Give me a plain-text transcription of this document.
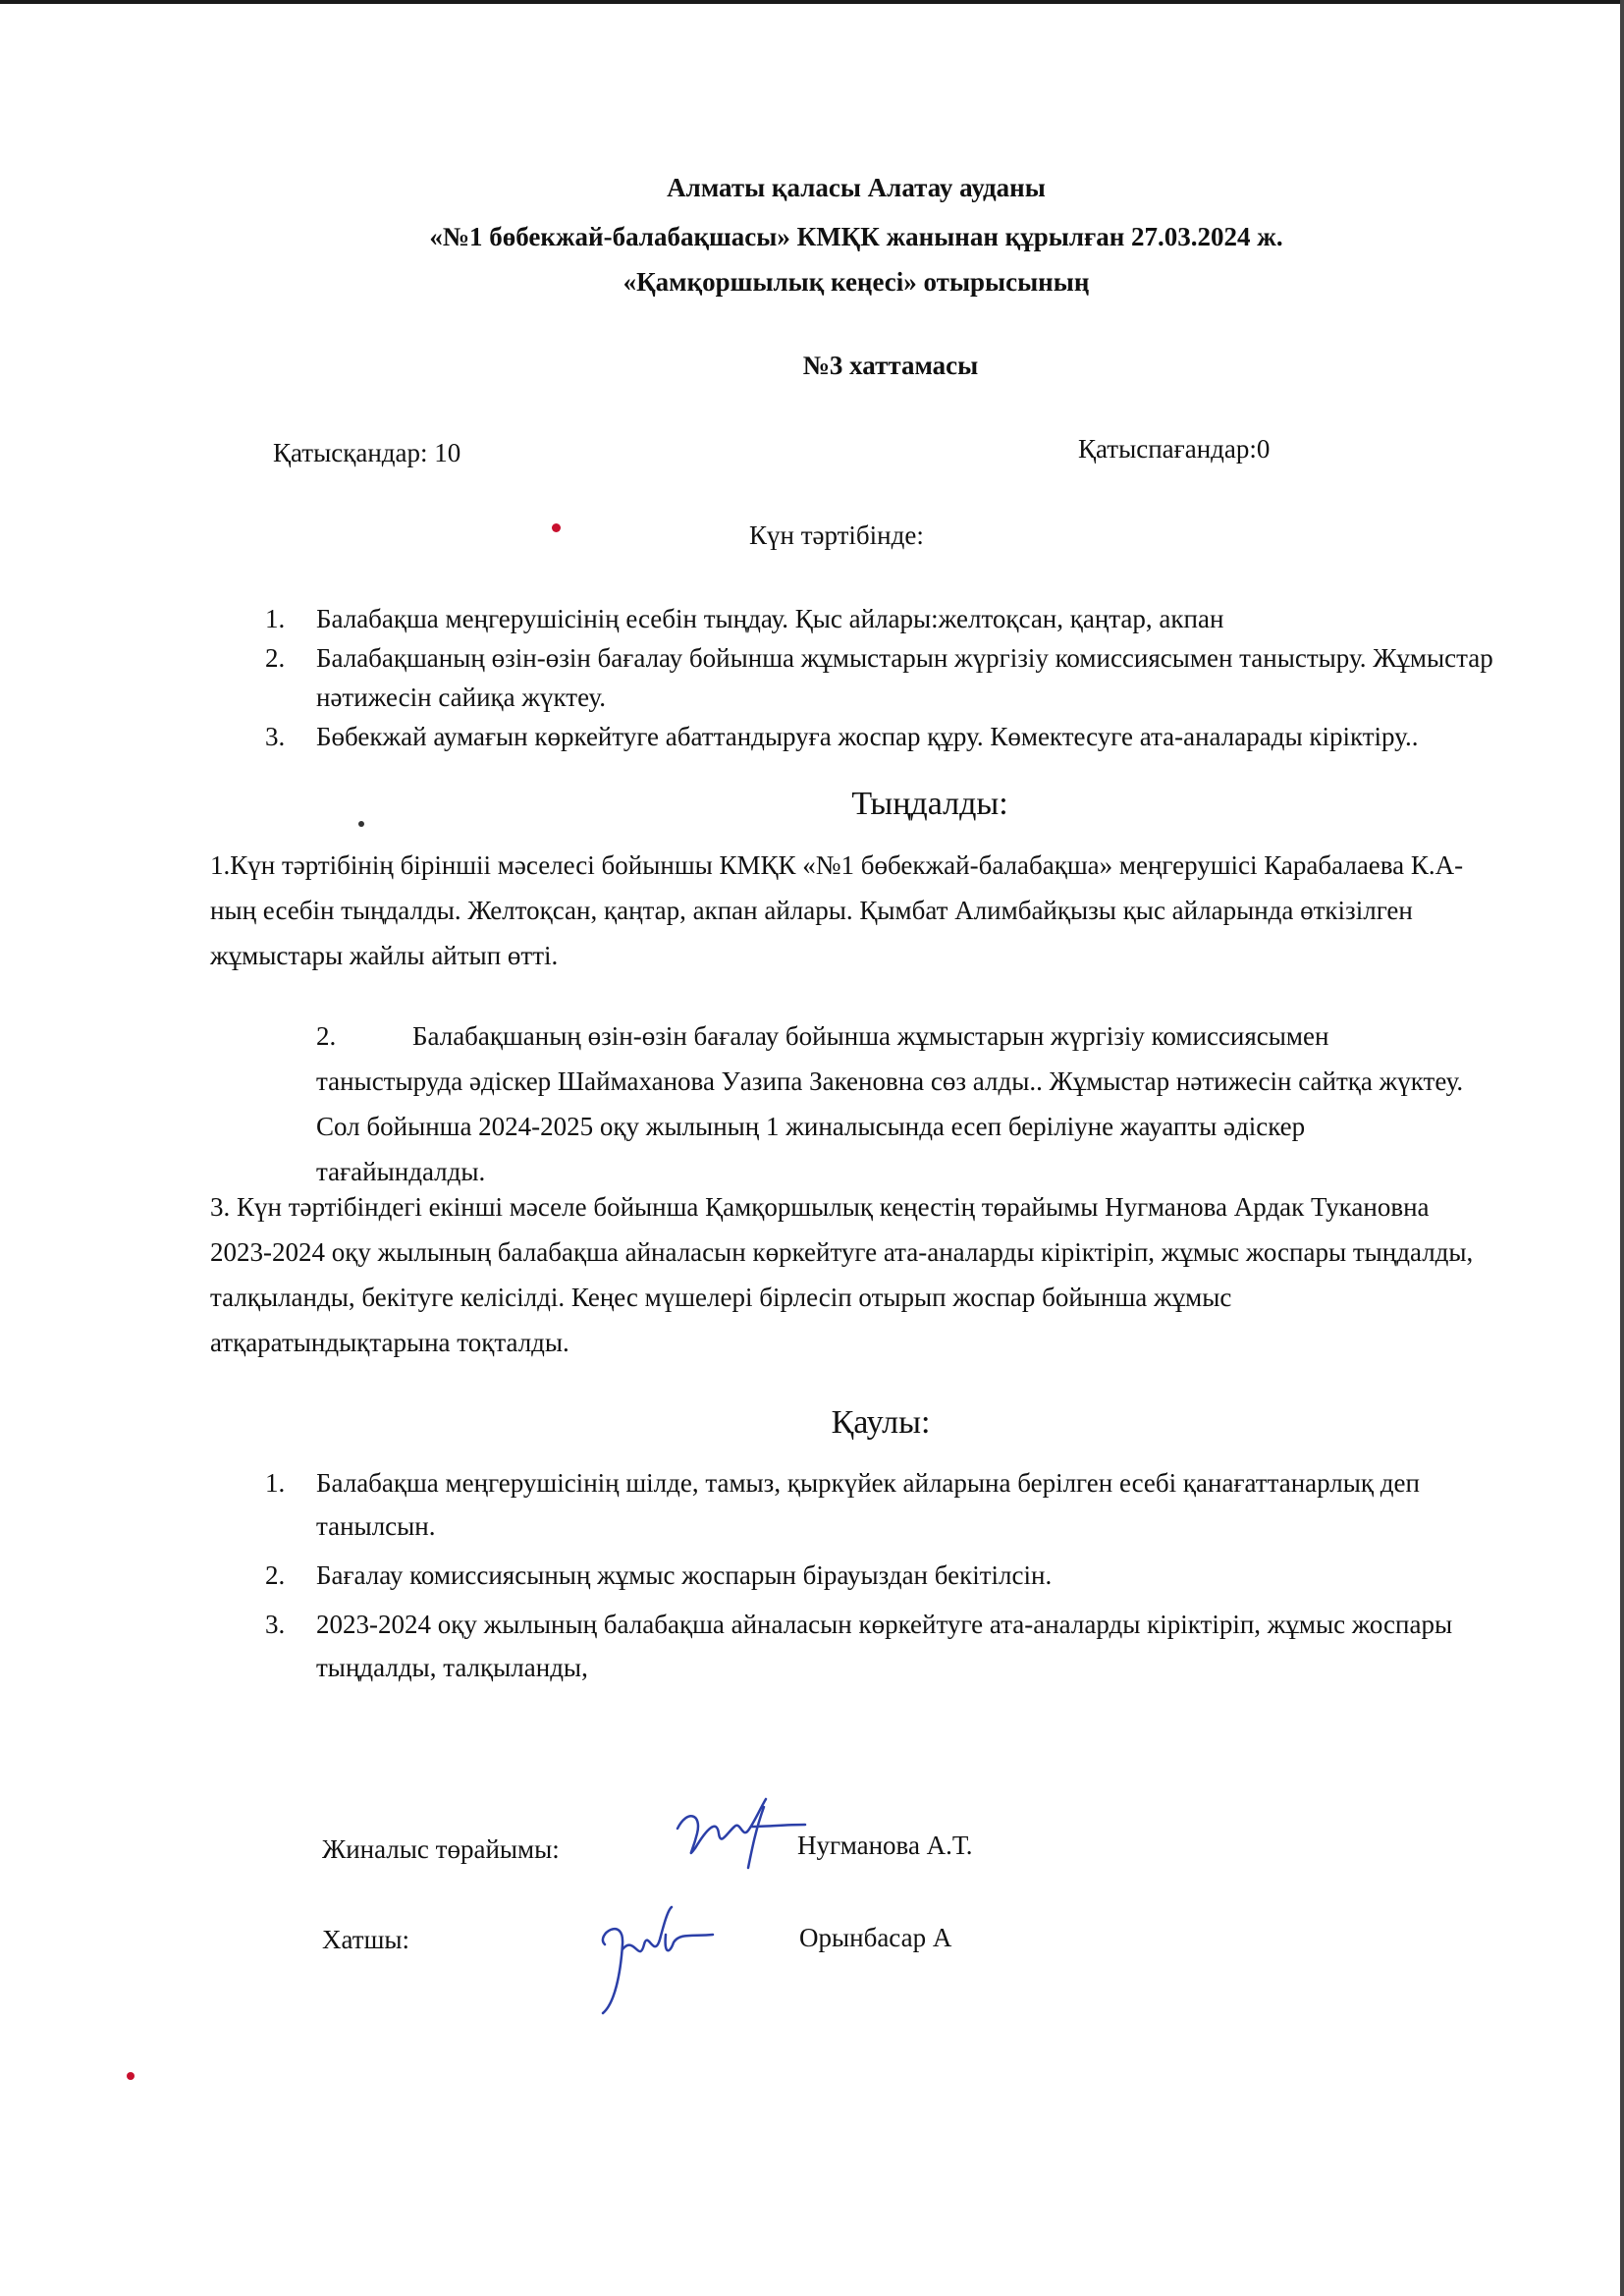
Алматы қаласы Алатау ауданы
«№1 бөбекжай-балабақшасы» КМҚК жанынан құрылған 27.03.2024 ж.
«Қамқоршылық кеңесі» отырысының
№3 хаттамасы
Қатысқандар: 10	Қатыспағандар:0
Күн тәртібінде:
1. Балабақша меңгерушісінің есебін тыңдау. Қыс айлары:желтоқсан, қаңтар, акпан
2. Балабақшаның өзін-өзін бағалау бойынша жұмыстарын жүргізіу комиссиясымен таныстыру. Жұмыстар нәтижесін сайиқа жүктеу.
3. Бөбекжай аумағын көркейтуге абаттандыруға жоспар құру. Көмектесуге ата-аналарады кіріктіру..
Тыңдалды:
1.Күн тәртібінің біріншіі мәселесі бойыншы КМҚК «№1 бөбекжай-балабақша» меңгерушісі Карабалаева К.А-ның есебін тыңдалды. Желтоқсан, қаңтар, акпан айлары. Қымбат Алимбайқызы қыс айларында өткізілген жұмыстары жайлы айтып өтті.
2.	Балабақшаның өзін-өзін бағалау бойынша жұмыстарын жүргізіу комиссиясымен таныстыруда әдіскер Шаймаханова Уазипа Закеновна сөз алды.. Жұмыстар нәтижесін сайтқа жүктеу. Сол бойынша 2024-2025 оқу жылының 1 жиналысында есеп беріліуне жауапты әдіскер тағайындалды.
3. Күн тәртібіндегі екінші мәселе бойынша Қамқоршылық кеңестің төрайымы Нугманова Ардак Тукановна 2023-2024 оқу жылының балабақша айналасын көркейтуге ата-аналарды кіріктіріп, жұмыс жоспары тыңдалды, талқыланды, бекітуге келісілді. Кеңес мүшелері бірлесіп отырып жоспар бойынша жұмыс атқаратындықтарына тоқталды.
Қаулы:
1. Балабақша меңгерушісінің шілде, тамыз, қыркүйек айларына берілген есебі қанағаттанарлық деп танылсын.
2. Бағалау комиссиясының жұмыс жоспарын бірауыздан бекітілсін.
3. 2023-2024 оқу жылының балабақша айналасын көркейтуге ата-аналарды кіріктіріп, жұмыс жоспары тыңдалды, талқыланды,
Жиналыс төрайымы:	Нугманова А.Т.
Хатшы:	Орынбасар А
